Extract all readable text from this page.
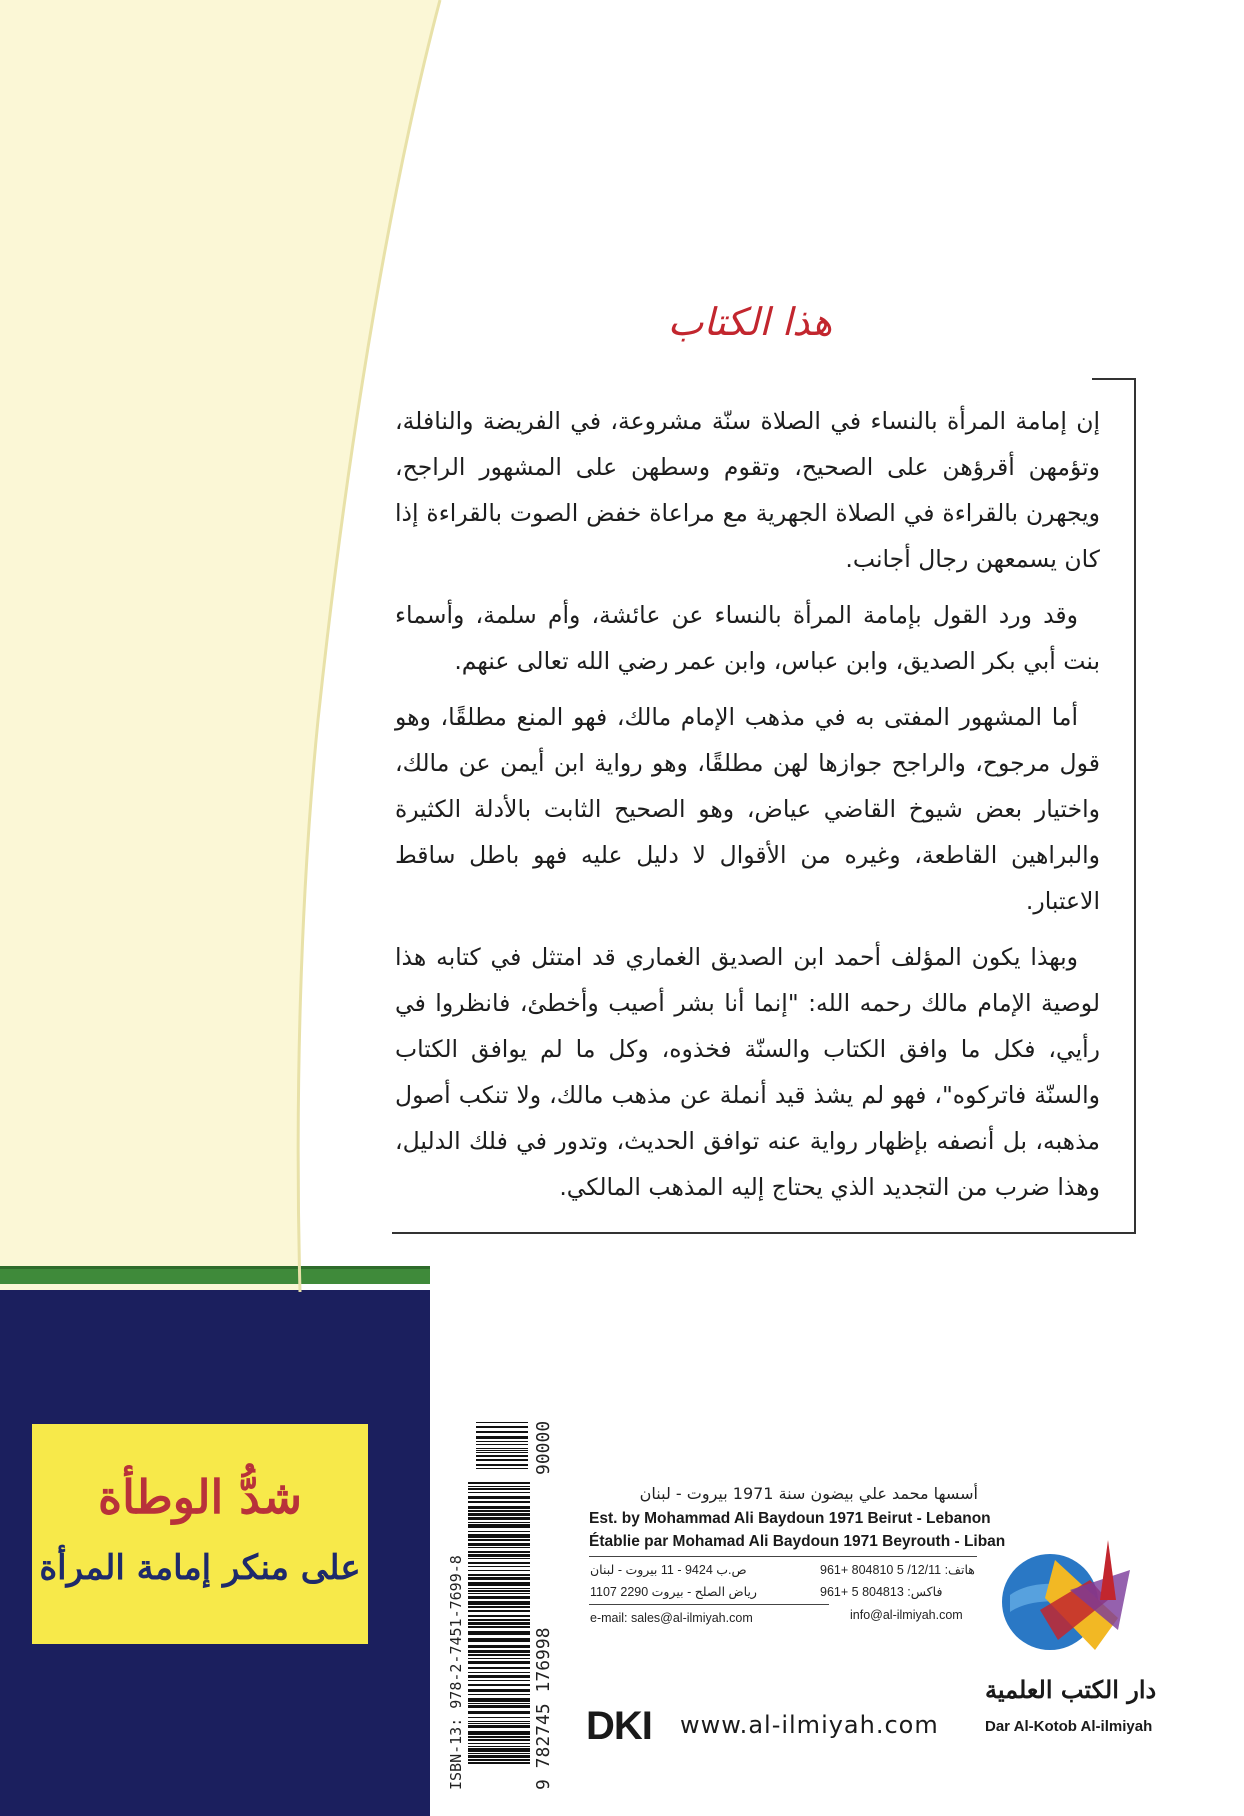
هذا الكتاب

إن إمامة المرأة بالنساء في الصلاة سنّة مشروعة، في الفريضة والنافلة، وتؤمهن أقرؤهن على الصحيح، وتقوم وسطهن على المشهور الراجح، ويجهرن بالقراءة في الصلاة الجهرية مع مراعاة خفض الصوت بالقراءة إذا كان يسمعهن رجال أجانب.

وقد ورد القول بإمامة المرأة بالنساء عن عائشة، وأم سلمة، وأسماء بنت أبي بكر الصديق، وابن عباس، وابن عمر رضي الله تعالى عنهم.

أما المشهور المفتى به في مذهب الإمام مالك، فهو المنع مطلقًا، وهو قول مرجوح، والراجح جوازها لهن مطلقًا، وهو رواية ابن أيمن عن مالك، واختيار بعض شيوخ القاضي عياض، وهو الصحيح الثابت بالأدلة الكثيرة والبراهين القاطعة، وغيره من الأقوال لا دليل عليه فهو باطل ساقط الاعتبار.

وبهذا يكون المؤلف أحمد ابن الصديق الغماري قد امتثل في كتابه هذا لوصية الإمام مالك رحمه الله: "إنما أنا بشر أصيب وأخطئ، فانظروا في رأيي، فكل ما وافق الكتاب والسنّة فخذوه، وكل ما لم يوافق الكتاب والسنّة فاتركوه"، فهو لم يشذ قيد أنملة عن مذهب مالك، ولا تنكب أصول مذهبه، بل أنصفه بإظهار رواية عنه توافق الحديث، وتدور في فلك الدليل، وهذا ضرب من التجديد الذي يحتاج إليه المذهب المالكي.

شدُّ الوطأة
على منكر إمامة المرأة	ISBN-13: 978-2-7451-7699-8	9 782745 176998
90000
أسسها محمد علي بيضون سنة 1971 بيروت - لبنان
Est. by Mohammad Ali Baydoun 1971 Beirut - Lebanon
Établie par Mohamad Ali Baydoun 1971 Beyrouth - Liban
هاتف: 12/11/ 5 804810 +961
فاكس: 804813 5 +961
ص.ب 9424 - 11 بيروت - لبنان
رياض الصلح - بيروت 2290 1107
e-mail: sales@al-ilmiyah.com	info@al-ilmiyah.com
DKI www.al-ilmiyah.com
دار الكتب العلمية
Dar Al-Kotob Al-ilmiyah
